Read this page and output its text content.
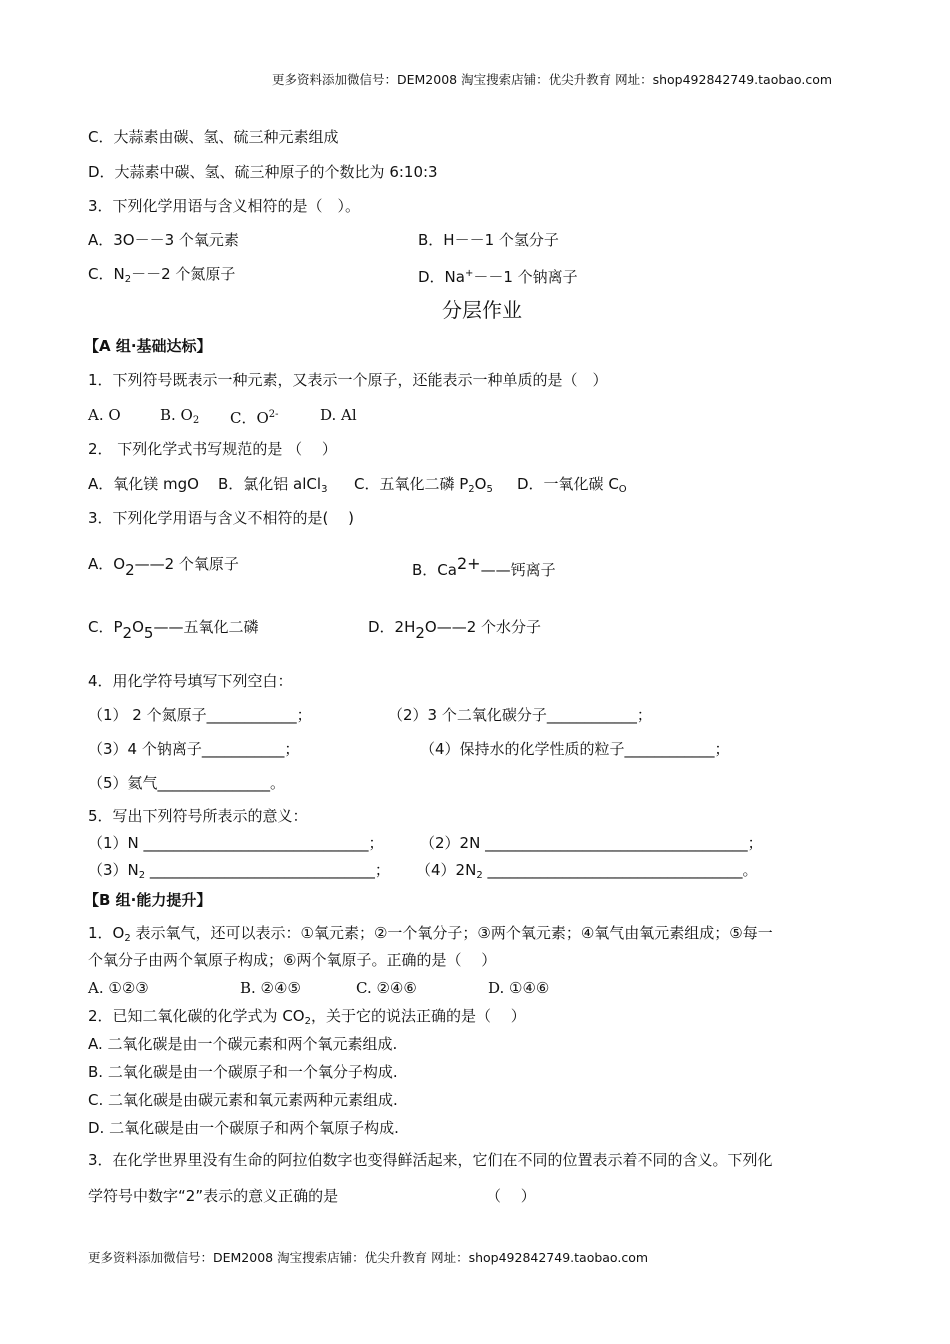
更多资料添加微信号：DEM2008 淘宝搜索店铺：优尖升教育 网址：shop492842749.taobao.com
C．大蒜素由碳、氢、硫三种元素组成
D．大蒜素中碳、氢、硫三种原子的个数比为 6:10:3
3．下列化学用语与含义相符的是（　）。
A．3O－－3 个氧元素	B．H－－1 个氢分子
C．$N_2--2$ 个氮原子	D．Na+－－1 个钠离子
分层作业
【A 组·基础达标】
1．下列符号既表示一种元素，又表示一个原子，还能表示一种单质的是（　）
A. O	B. $O_2$ C．$O^{2-}$	D. Al
2． 下列化学式书写规范的是 （　 ）
A．氧化镁 mgO B．氯化铝 alCl$_3$ C．五氧化二磷 $P_2O_5$ D．一氧化碳 $C_O$
3．下列化学用语与含义不相符的是(　 )
A．O2——2 个氧原子	B．Ca2+——钙离子
C．P2O5——五氧化二磷	D．2H2O——2 个水分子
4．用化学符号填写下列空白：
（1） 2 个氮原子____________；	（2）3 个二氧化碳分子____________；
（3）4 个钠离子___________；	（4）保持水的化学性质的粒子____________；
（5）氦气_______________。
5．写出下列符号所表示的意义：
（1）N ______________________________； （2）2N ___________________________________；
$(3)N_2$ ______________________________； $(4)2N_2$ __________________________________。
【B 组·能力提升】
1．$O_2$ 表示氧气，还可以表示：①氧元素；②一个氧分子；③两个氧元素；④氧气由氧元素组成；⑤每一
个氧分子由两个氧原子构成；⑥两个氧原子。正确的是（　 ）
A. ①②③	B. ②④⑤	C. ②④⑥	D. ①④⑥
2．已知二氧化碳的化学式为 $CO_2$，关于它的说法正确的是（　 ）
A. 二氧化碳是由一个碳元素和两个氧元素组成.
B. 二氧化碳是由一个碳原子和一个氧分子构成.
C. 二氧化碳是由碳元素和氧元素两种元素组成.
D. 二氧化碳是由一个碳原子和两个氧原子构成.
3．在化学世界里没有生命的阿拉伯数字也变得鲜活起来，它们在不同的位置表示着不同的含义。下列化
学符号中数字“2”表示的意义正确的是	（　 ）
更多资料添加微信号：DEM2008 淘宝搜索店铺：优尖升教育 网址：shop492842749.taobao.com
